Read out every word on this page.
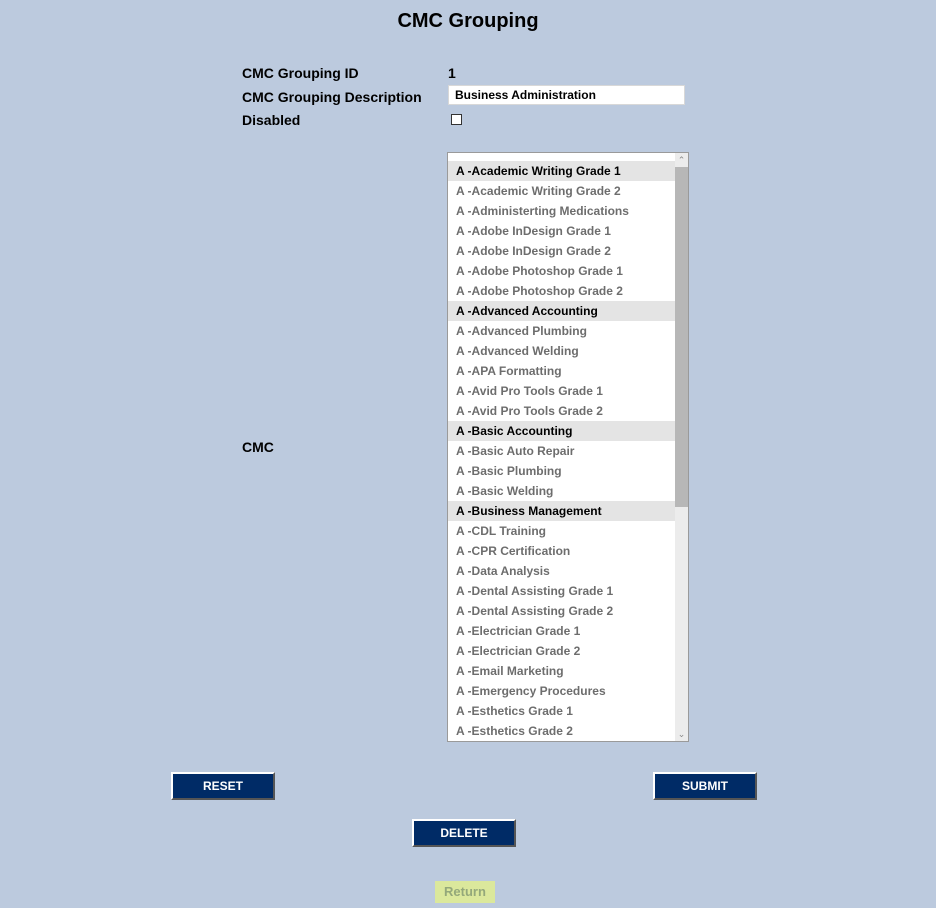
CMC Grouping
CMC Grouping ID	1
CMC Grouping Description
Business Administration
Disabled
CMC
A -Academic Writing Grade 1
A -Academic Writing Grade 2
A -Administerting Medications
A -Adobe InDesign Grade 1
A -Adobe InDesign Grade 2
A -Adobe Photoshop Grade 1
A -Adobe Photoshop Grade 2
A -Advanced Accounting
A -Advanced Plumbing
A -Advanced Welding
A -APA Formatting
A -Avid Pro Tools Grade 1
A -Avid Pro Tools Grade 2
A -Basic Accounting
A -Basic Auto Repair
A -Basic Plumbing
A -Basic Welding
A -Business Management
A -CDL Training
A -CPR Certification
A -Data Analysis
A -Dental Assisting Grade 1
A -Dental Assisting Grade 2
A -Electrician Grade 1
A -Electrician Grade 2
A -Email Marketing
A -Emergency Procedures
A -Esthetics Grade 1
A -Esthetics Grade 2
⌃
⌄
RESET	SUBMIT
DELETE
Return
